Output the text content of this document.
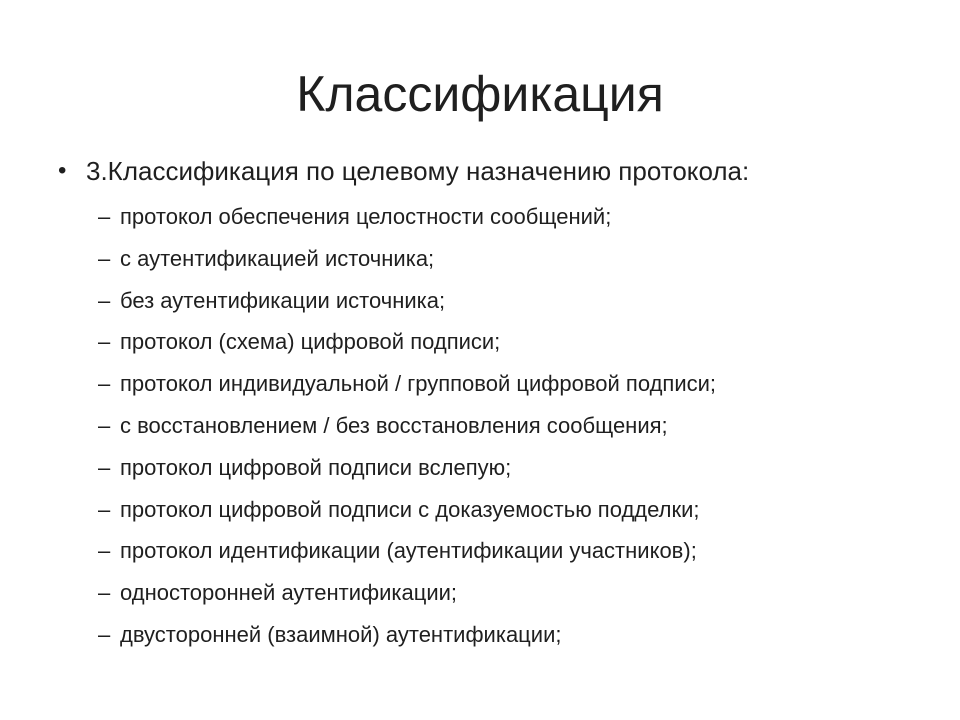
Классификация
• 3.Классификация по целевому назначению протокола:
– протокол обеспечения целостности сообщений;
– с аутентификацией источника;
– без аутентификации источника;
– протокол (схема) цифровой подписи;
– протокол индивидуальной / групповой цифровой подписи;
– с восстановлением / без восстановления сообщения;
– протокол цифровой подписи вслепую;
– протокол цифровой подписи с доказуемостью подделки;
– протокол идентификации (аутентификации участников);
– односторонней аутентификации;
– двусторонней (взаимной) аутентификации;
